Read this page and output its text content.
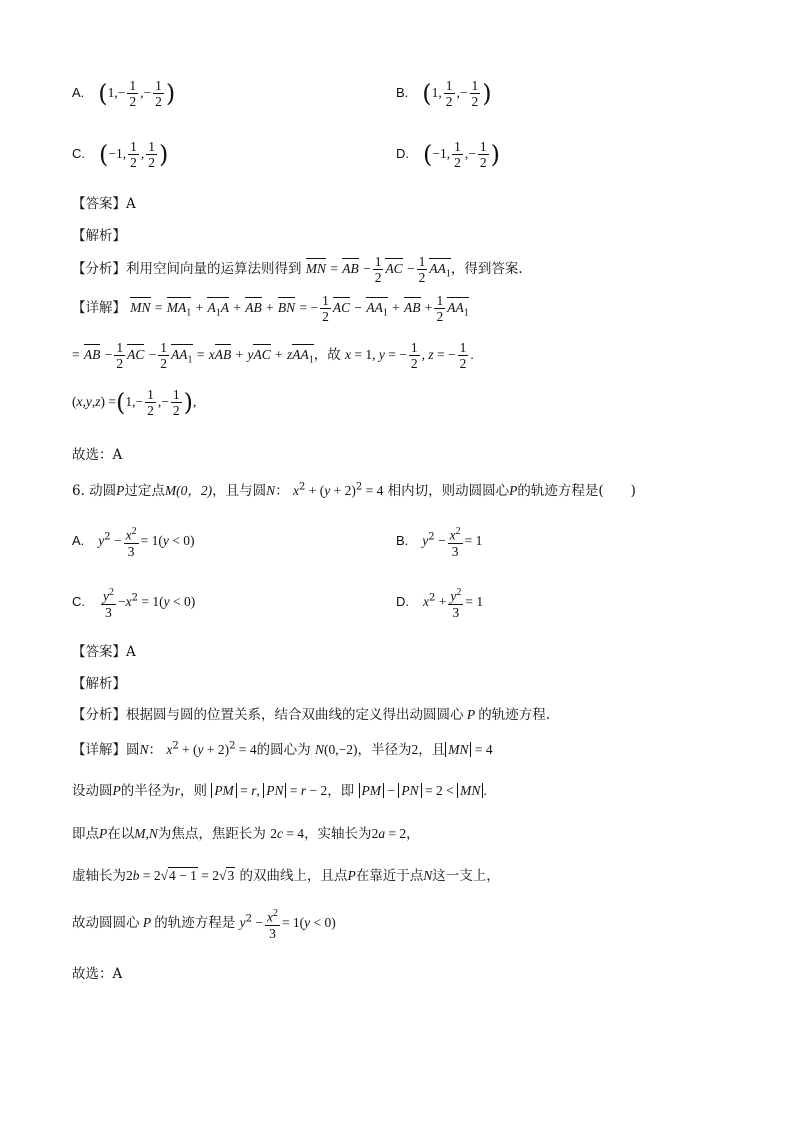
A. ($1,- \frac{1}{2}$ ,− $\frac{1}{2}$ )	B. (1, $\frac{1}{2}$ ,− $\frac{1}{2}$ )
C. (−1, $\frac{1}{2}$ , $\frac{1}{2}$ )	D. (−1, $\frac{1}{2}$ ,− $\frac{1}{2}$ )
【答案】A
【解析】
【分析】利用空间向量的运算法则得到 MN = AB − $\frac{1}{2}$ AC − $\frac{1}{2} AA_1$，得到答案.
【详解】 MN = $MA_1 + A_1A$ + AB + BN = − $\frac{1}{2}$ AC − $AA_1$ + AB + $\frac{1}{2} AA_1$
= AB − $\frac{1}{2}$ AC − $\frac{1}{2} AA_1$ = xAB + yAC + zAA$_1$，故 x = 1, y = − $\frac{1}{2}$ , z = − $\frac{1}{2}$ .
$(x,y,z) =(1,- \frac{1}{2}$ ,− $\frac{1}{2}$ ),
故选：A
6. 动圆P过定点M(0，2)，且与圆N： $x^2 + (y + 2)^2 = 4$ 相内切，则动圆圆心P的轨迹方程是(　　)
A. $y^2 - \frac{x^2}{3} = 1(y < 0)$	B. $y^2 - \frac{x^2}{3} = 1$
C. $\frac{y^2}{3} -x^2 = 1(y < 0)$	D. $x^2 + \frac{y^2}{3} = 1$
【答案】A
【解析】
【分析】根据圆与圆的位置关系，结合双曲线的定义得出动圆圆心 P 的轨迹方程.
【详解】圆N： $x^2 + (y + 2)^2 = 4$的圆心为 N(0,−2)，半径为2，且 MN = 4
设动圆P的半径为r，则 PM = r, PN = r − 2，即 PM − PN = 2 < MN .
即点P在以M,N为焦点，焦距长为 2c = 4，实轴长为2a = 2，
虚轴长为2b = 2√4 − 1 = 2√3 的双曲线上，且点P在靠近于点N这一支上，
故动圆圆心 P 的轨迹方程是 $y^2 - \frac{x^2}{3} = 1(y < 0)$
故选：A
